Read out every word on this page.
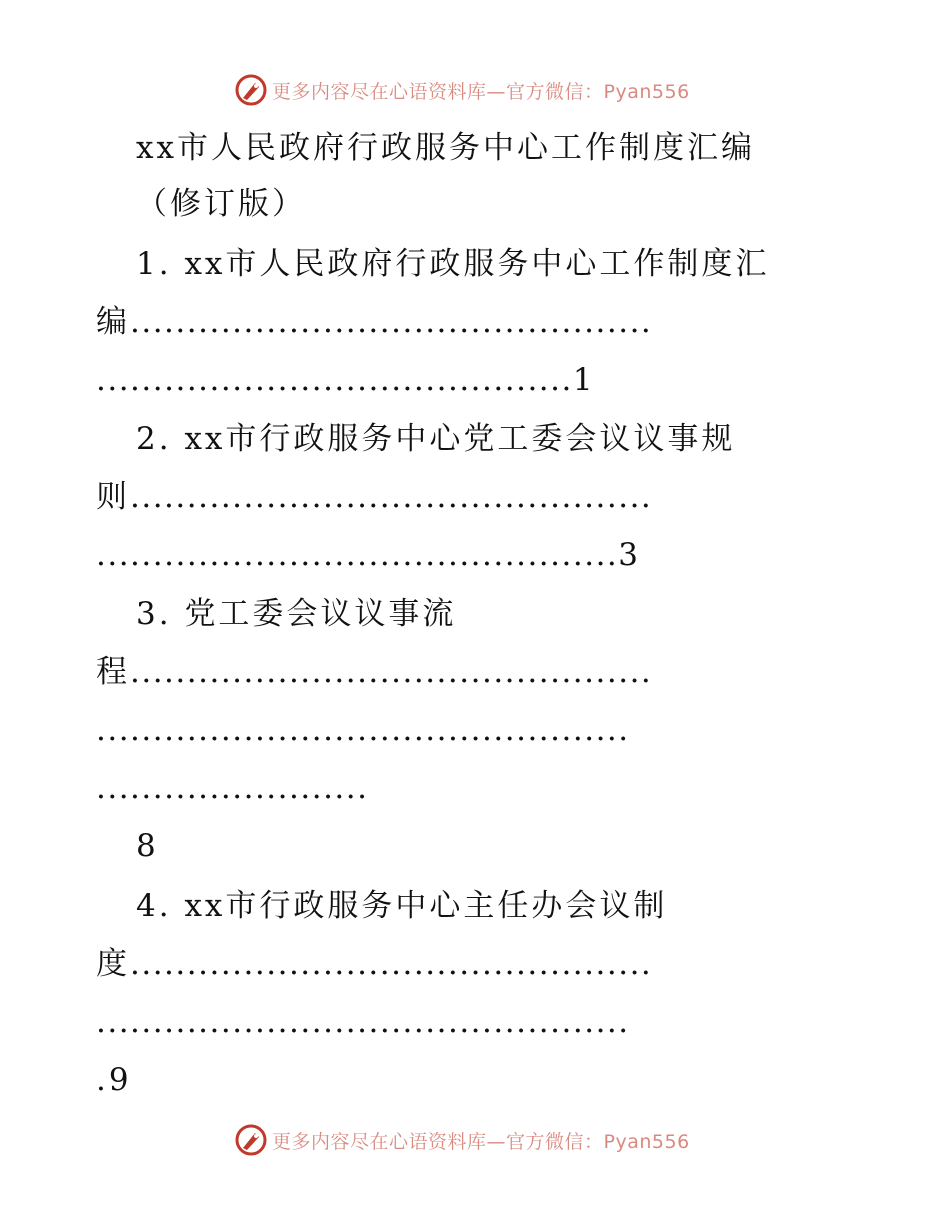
更多内容尽在心语资料库—官方微信：Pyan556
xx市人民政府行政服务中心工作制度汇编
（修订版）
1. xx市人民政府行政服务中心工作制度汇
编..............................................
..........................................1
2. xx市行政服务中心党工委会议议事规
则..............................................
..............................................3
3. 党工委会议议事流
程..............................................
...............................................
........................
8
4. xx市行政服务中心主任办会议制
度..............................................
...............................................
.9
更多内容尽在心语资料库—官方微信：Pyan556
